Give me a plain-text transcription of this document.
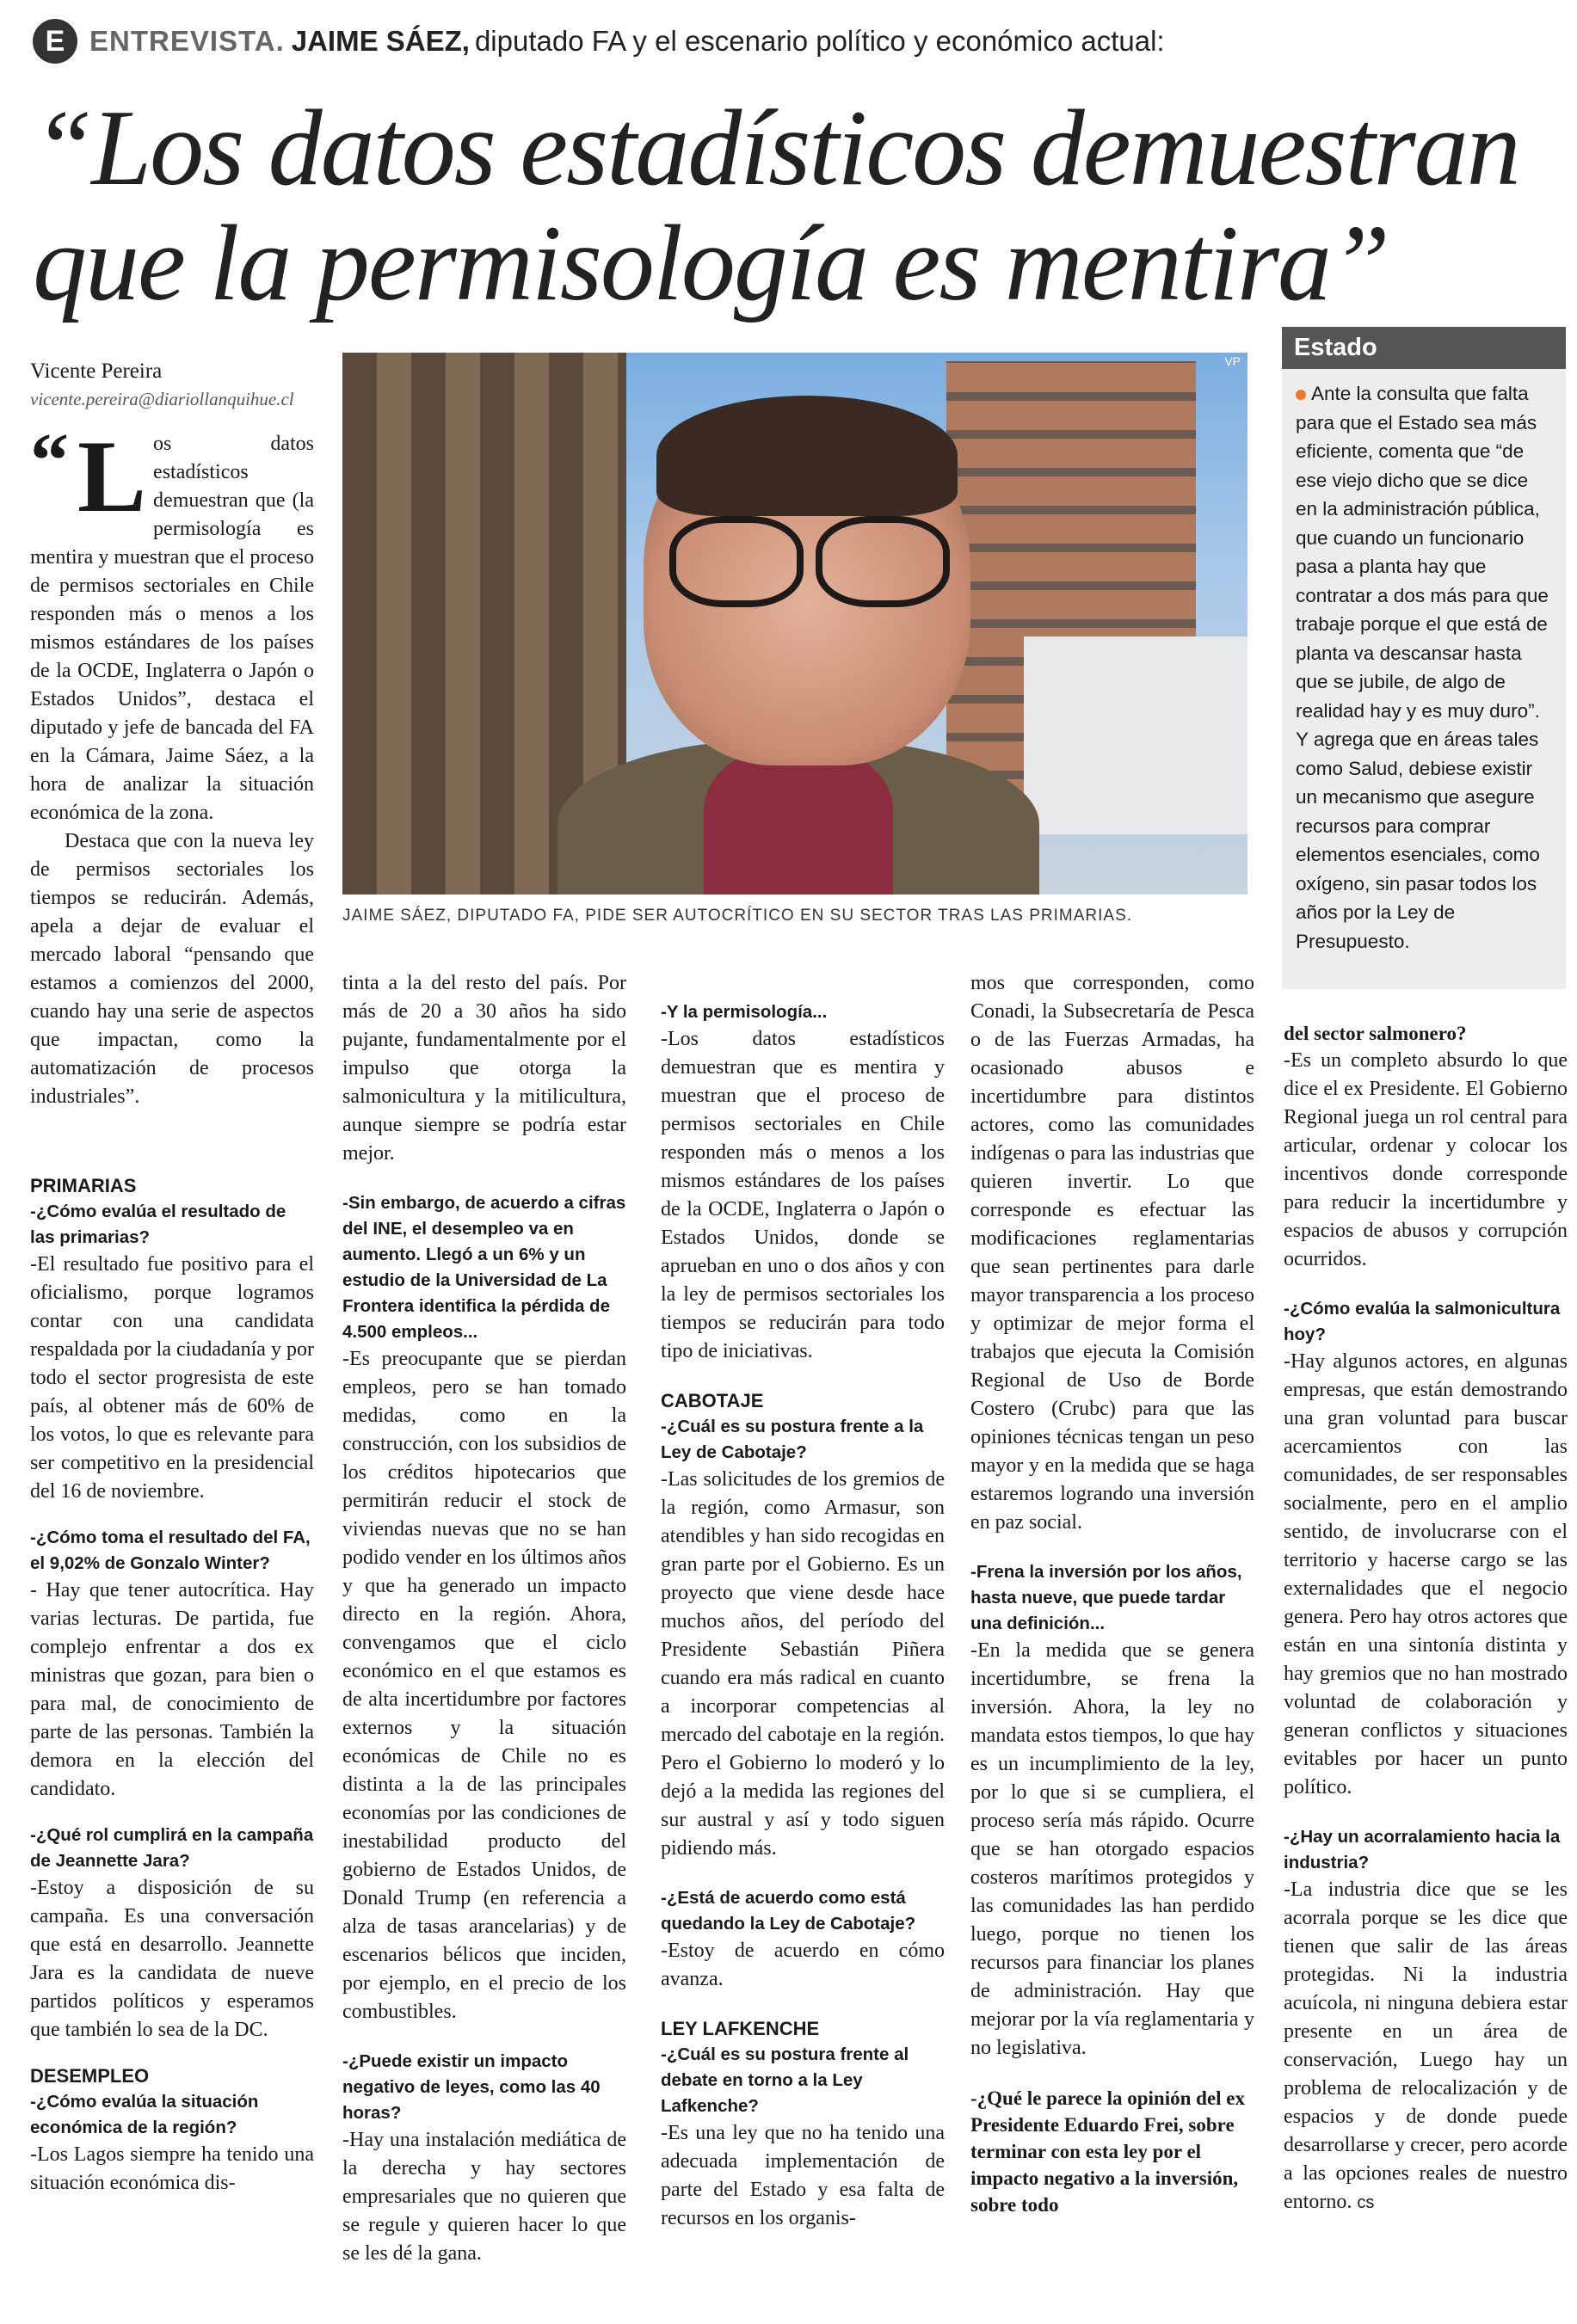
E ENTREVISTA. JAIME SÁEZ, diputado FA y el escenario político y económico actual:
“Los datos estadísticos demuestran que la permisología es mentira”
Vicente Pereira
vicente.pereira@diariollanquihue.cl
VP
JAIME SÁEZ, DIPUTADO FA, PIDE SER AUTOCRÍTICO EN SU SECTOR TRAS LAS PRIMARIAS.
Estado
Ante la consulta que falta para que el Estado sea más eficiente, comenta que “de ese viejo dicho que se dice en la administración pública, que cuando un funcionario pasa a planta hay que contratar a dos más para que trabaje porque el que está de planta va descansar hasta que se jubile, de algo de realidad hay y es muy duro”. Y agrega que en áreas tales como Salud, debiese existir un mecanismo que asegure recursos para comprar elementos esenciales, como oxígeno, sin pasar todos los años por la Ley de Presupuesto.

“ L os datos estadísticos demuestran que (la permisología es mentira y muestran que el proceso de permisos sectoriales en Chile responden más o menos a los mismos estándares de los países de la OCDE, Inglaterra o Japón o Estados Unidos”, destaca el diputado y jefe de bancada del FA en la Cámara, Jaime Sáez, a la hora de analizar la situación económica de la zona.

Destaca que con la nueva ley de permisos sectoriales los tiempos se reducirán. Además, apela a dejar de evaluar el mercado laboral “pensando que estamos a comienzos del 2000, cuando hay una serie de aspectos que impactan, como la automatización de procesos industriales”.

PRIMARIAS
-¿Cómo evalúa el resultado de las primarias?

-El resultado fue positivo para el oficialismo, porque logramos contar con una candidata respaldada por la ciudadanía y por todo el sector progresista de este país, al obtener más de 60% de los votos, lo que es relevante para ser competitivo en la presidencial del 16 de noviembre.

-¿Cómo toma el resultado del FA, el 9,02% de Gonzalo Winter?

- Hay que tener autocrítica. Hay varias lecturas. De partida, fue complejo enfrentar a dos ex ministras que gozan, para bien o para mal, de conocimiento de parte de las personas. También la demora en la elección del candidato.

-¿Qué rol cumplirá en la campaña de Jeannette Jara?

-Estoy a disposición de su campaña. Es una conversación que está en desarrollo. Jeannette Jara es la candidata de nueve partidos políticos y esperamos que también lo sea de la DC.

DESEMPLEO
-¿Cómo evalúa la situación económica de la región?

-Los Lagos siempre ha tenido una situación económica dis-

tinta a la del resto del país. Por más de 20 a 30 años ha sido pujante, fundamentalmente por el impulso que otorga la salmonicultura y la mitilicultura, aunque siempre se podría estar mejor.

-Sin embargo, de acuerdo a cifras del INE, el desempleo va en aumento. Llegó a un 6% y un estudio de la Universidad de La Frontera identifica la pérdida de 4.500 empleos...

-Es preocupante que se pierdan empleos, pero se han tomado medidas, como en la construcción, con los subsidios de los créditos hipotecarios que permitirán reducir el stock de viviendas nuevas que no se han podido vender en los últimos años y que ha generado un impacto directo en la región. Ahora, convengamos que el ciclo económico en el que estamos es de alta incertidumbre por factores externos y la situación económicas de Chile no es distinta a la de las principales economías por las condiciones de inestabilidad producto del gobierno de Estados Unidos, de Donald Trump (en referencia a alza de tasas arancelarias) y de escenarios bélicos que inciden, por ejemplo, en el precio de los combustibles.

-¿Puede existir un impacto negativo de leyes, como las 40 horas?

-Hay una instalación mediática de la derecha y hay sectores empresariales que no quieren que se regule y quieren hacer lo que se les dé la gana.

-Y la permisología...

-Los datos estadísticos demuestran que es mentira y muestran que el proceso de permisos sectoriales en Chile responden más o menos a los mismos estándares de los países de la OCDE, Inglaterra o Japón o Estados Unidos, donde se aprueban en uno o dos años y con la ley de permisos sectoriales los tiempos se reducirán para todo tipo de iniciativas.

CABOTAJE
-¿Cuál es su postura frente a la Ley de Cabotaje?

-Las solicitudes de los gremios de la región, como Armasur, son atendibles y han sido recogidas en gran parte por el Gobierno. Es un proyecto que viene desde hace muchos años, del período del Presidente Sebastián Piñera cuando era más radical en cuanto a incorporar competencias al mercado del cabotaje en la región. Pero el Gobierno lo moderó y lo dejó a la medida las regiones del sur austral y así y todo siguen pidiendo más.

-¿Está de acuerdo como está quedando la Ley de Cabotaje?

-Estoy de acuerdo en cómo avanza.

LEY LAFKENCHE
-¿Cuál es su postura frente al debate en torno a la Ley Lafkenche?

-Es una ley que no ha tenido una adecuada implementación de parte del Estado y esa falta de recursos en los organis-

mos que corresponden, como Conadi, la Subsecretaría de Pesca o de las Fuerzas Armadas, ha ocasionado abusos e incertidumbre para distintos actores, como las comunidades indígenas o para las industrias que quieren invertir. Lo que corresponde es efectuar las modificaciones reglamentarias que sean pertinentes para darle mayor transparencia a los proceso y optimizar de mejor forma el trabajos que ejecuta la Comisión Regional de Uso de Borde Costero (Crubc) para que las opiniones técnicas tengan un peso mayor y en la medida que se haga estaremos logrando una inversión en paz social.

-Frena la inversión por los años, hasta nueve, que puede tardar una definición...

-En la medida que se genera incertidumbre, se frena la inversión. Ahora, la ley no mandata estos tiempos, lo que hay es un incumplimiento de la ley, por lo que si se cumpliera, el proceso sería más rápido. Ocurre que se han otorgado espacios costeros marítimos protegidos y las comunidades las han perdido luego, porque no tienen los recursos para financiar los planes de administración. Hay que mejorar por la vía reglamentaria y no legislativa.

-¿Qué le parece la opinión del ex Presidente Eduardo Frei, sobre terminar con esta ley por el impacto negativo a la inversión, sobre todo
del sector salmonero?

-Es un completo absurdo lo que dice el ex Presidente. El Gobierno Regional juega un rol central para articular, ordenar y colocar los incentivos donde corresponde para reducir la incertidumbre y espacios de abusos y corrupción ocurridos.

-¿Cómo evalúa la salmonicultura hoy?

-Hay algunos actores, en algunas empresas, que están demostrando una gran voluntad para buscar acercamientos con las comunidades, de ser responsables socialmente, pero en el amplio sentido, de involucrarse con el territorio y hacerse cargo se las externalidades que el negocio genera. Pero hay otros actores que están en una sintonía distinta y hay gremios que no han mostrado voluntad de colaboración y generan conflictos y situaciones evitables por hacer un punto político.

-¿Hay un acorralamiento hacia la industria?

-La industria dice que se les acorrala porque se les dice que tienen que salir de las áreas protegidas. Ni la industria acuícola, ni ninguna debiera estar presente en un área de conservación, Luego hay un problema de relocalización y de espacios y de donde puede desarrollarse y crecer, pero acorde a las opciones reales de nuestro entorno. cs
